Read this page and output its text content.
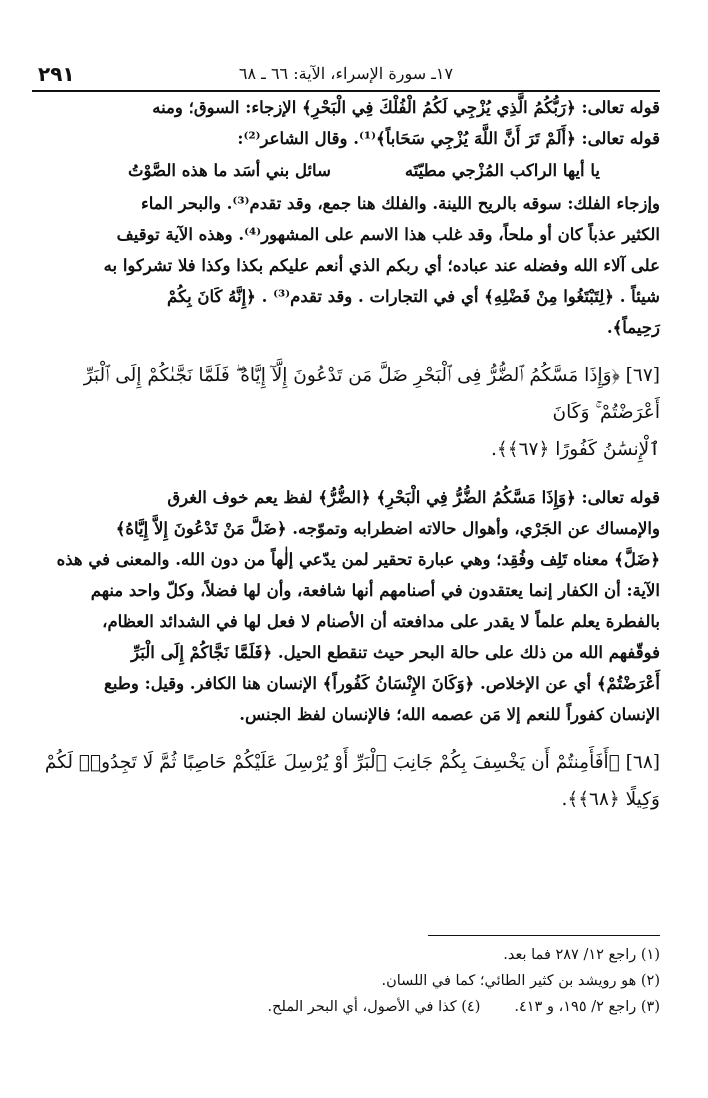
٢٩١	١٧ـ سورة الإسراء، الآية: ٦٦ ـ ٦٨

قوله تعالى: ﴿رَبُّكُمُ الَّذِي يُزْجِي لَكُمُ الْفُلْكَ فِي الْبَحْرِ﴾ الإزجاء: السوق؛ ومنه

قوله تعالى: ﴿أَلَمْ تَرَ أَنَّ اللَّهَ يُزْجِي سَحَاباً﴾⁽¹⁾. وقال الشاعر⁽²⁾:

يا أيها الراكب المُزْجي مطيّتَه
سائل بني أسَد ما هذه الصَّوْتُ

وإزجاء الفلك: سوقه بالريح اللينة. والفلك هنا جمع، وقد تقدم⁽³⁾. والبحر الماء

الكثير عذباً كان أو ملحاً، وقد غلب هذا الاسم على المشهور⁽⁴⁾. وهذه الآية توقيف

على آلاء الله وفضله عند عباده؛ أي ربكم الذي أنعم عليكم بكذا وكذا فلا تشركوا به

شيئاً . ﴿لِتَبْتَغُوا مِنْ فَضْلِهِ﴾ أي في التجارات . وقد تقدم⁽³⁾ . ﴿إِنَّهُ كَانَ بِكُمْ

رَحِيماً﴾.

[٦٧] ﴿وَإِذَا مَسَّكُمُ ٱلضُّرُّ فِى ٱلْبَحْرِ ضَلَّ مَن تَدْعُونَ إِلَّآ إِيَّاهُ ۖ فَلَمَّا نَجَّىٰكُمْ إِلَى ٱلْبَرِّ أَعْرَضْتُمْ ۚ وَكَانَ

ٱلْإِنسَٰنُ كَفُورًا ﴿٦٧﴾﴾.

قوله تعالى: ﴿وَإِذَا مَسَّكُمُ الضُّرُّ فِي الْبَحْرِ﴾ ﴿الضُّرُّ﴾ لفظ يعم خوف الغرق

والإمساك عن الجَرْي، وأهوال حالاته اضطرابه وتموّجه. ﴿ضَلَّ مَنْ تَدْعُونَ إِلاَّ إِيَّاهُ﴾

﴿ضَلَّ﴾ معناه تَلِف وفُقِد؛ وهي عبارة تحقير لمن يدّعي إلٰهاً من دون الله. والمعنى في هذه

الآية: أن الكفار إنما يعتقدون في أصنامهم أنها شافعة، وأن لها فضلاً، وكلّ واحد منهم

بالفطرة يعلم علماً لا يقدر على مدافعته أن الأصنام لا فعل لها في الشدائد العظام،

فوقّفهم الله من ذلك على حالة البحر حيث تنقطع الحيل. ﴿فَلَمَّا نَجَّاكُمْ إِلَى الْبَرِّ

أَعْرَضْتُمْ﴾ أي عن الإخلاص. ﴿وَكَانَ الإِنْسَانُ كَفُوراً﴾ الإنسان هنا الكافر. وقيل: وطبع

الإنسان كفوراً للنعم إلا مَن عصمه الله؛ فالإنسان لفظ الجنس.

[٦٨] ﴿أَفَأَمِنتُمْ أَن يَخْسِفَ بِكُمْ جَانِبَ ٱلْبَرِّ أَوْ يُرْسِلَ عَلَيْكُمْ حَاصِبًا ثُمَّ لَا تَجِدُوا۟ لَكُمْ

وَكِيلًا ﴿٦٨﴾﴾.

(١) راجع ١٢/ ٢٨٧ فما بعد.
(٢) هو رويشد بن كثير الطائي؛ كما في اللسان.
(٣) راجع ٢/ ١٩٥، و ٤١٣.
(٤) كذا في الأصول، أي البحر الملح.
